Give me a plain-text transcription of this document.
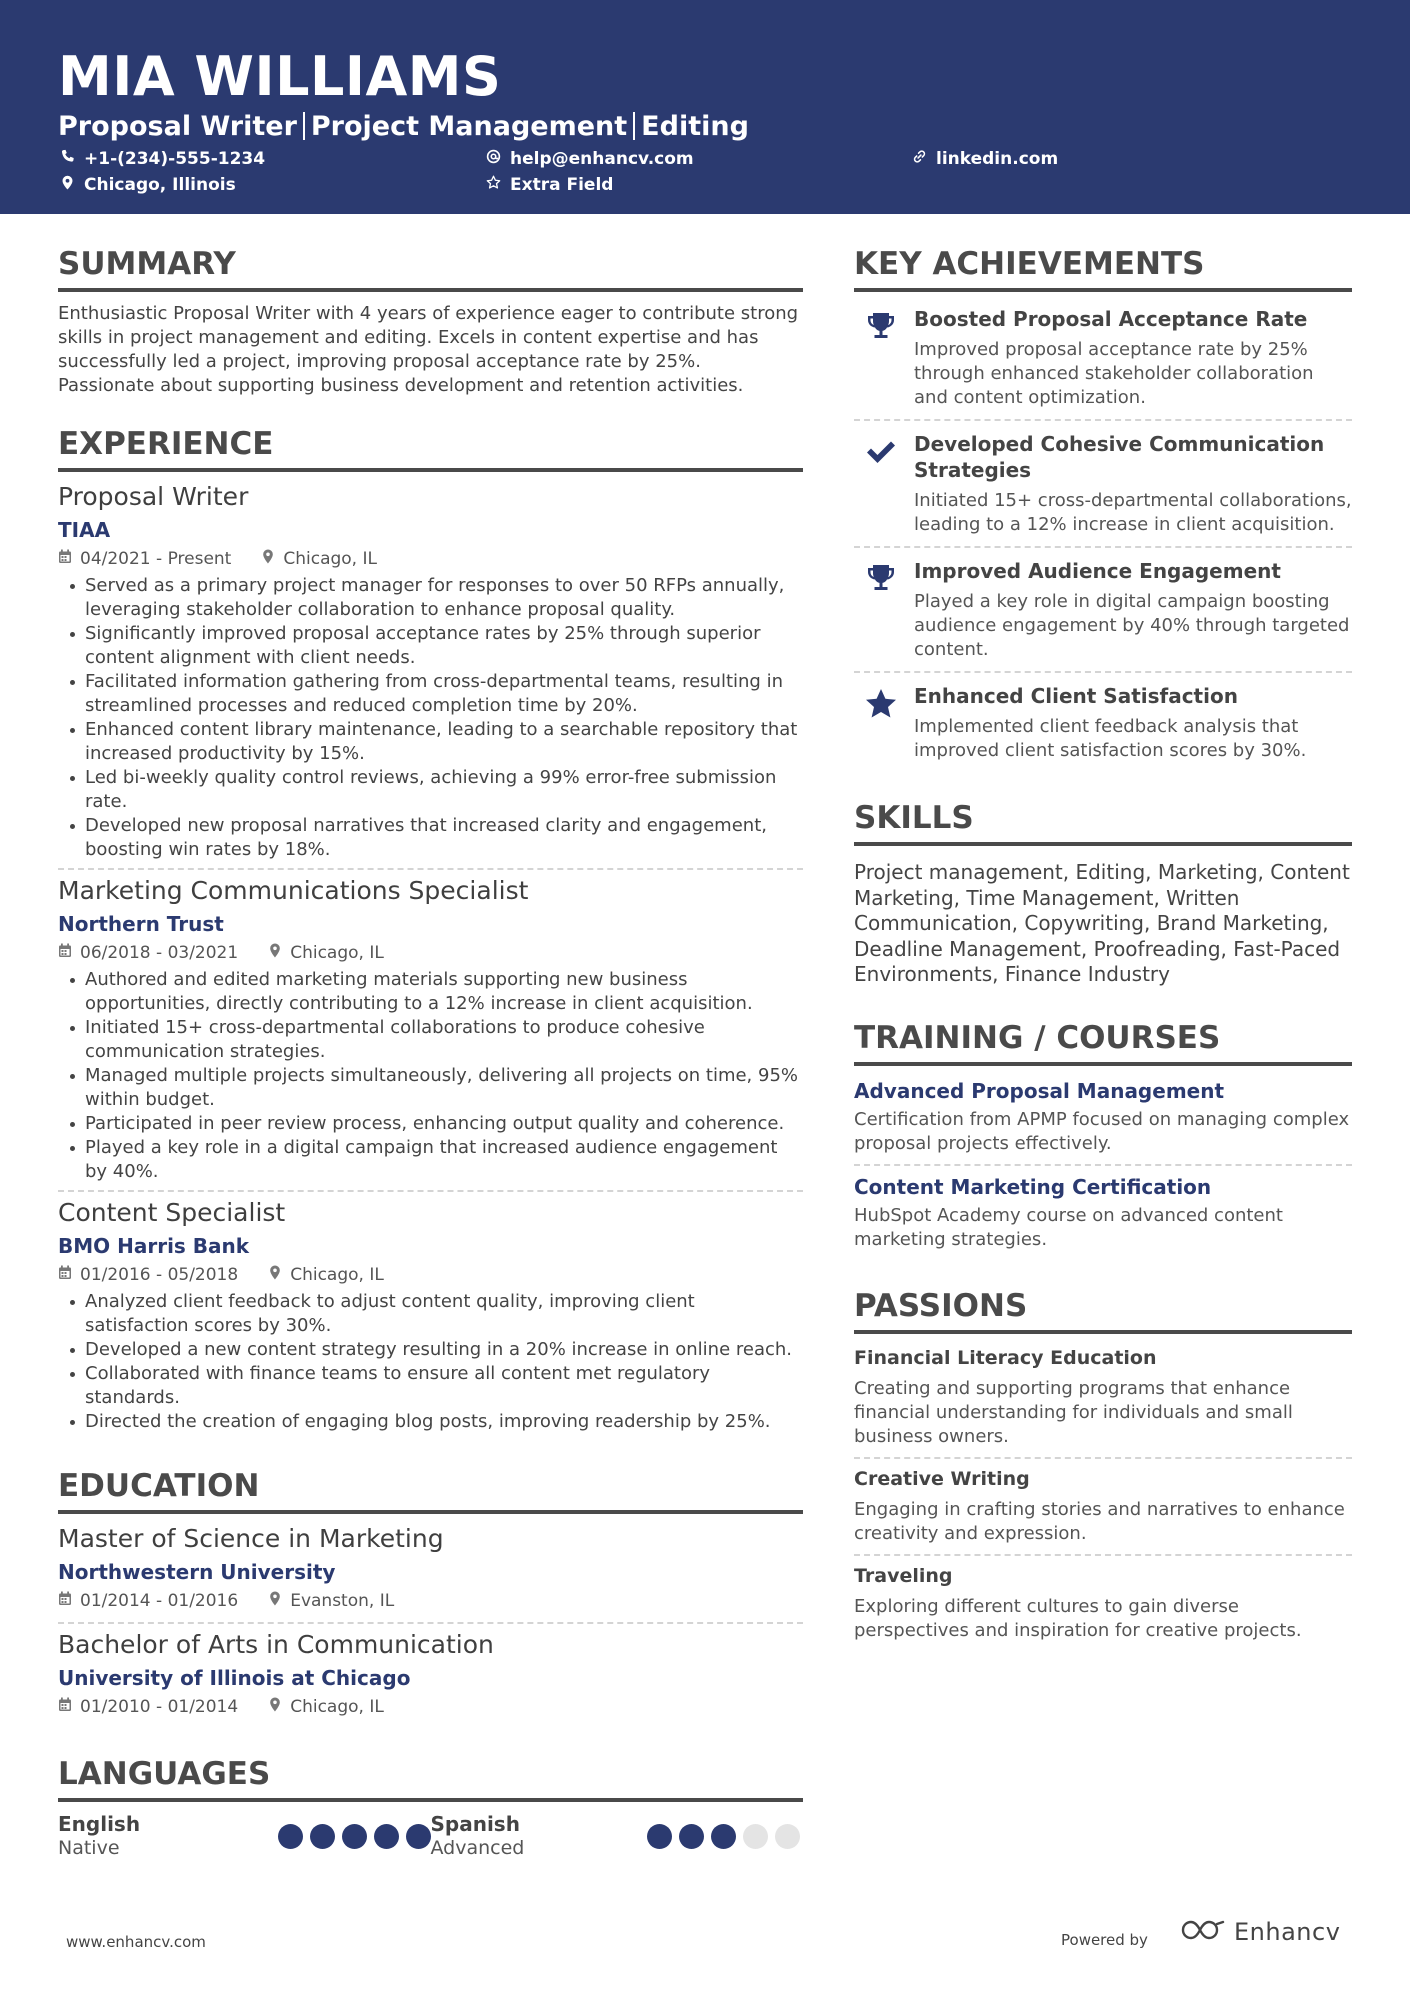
MIA WILLIAMS
Proposal Writer Project Management Editing
+1-(234)-555-1234	help@enhancv.com	linkedin.com
Chicago, Illinois	Extra Field
SUMMARY

Enthusiastic Proposal Writer with 4 years of experience eager to contribute strong skills in project management and editing. Excels in content expertise and has successfully led a project, improving proposal acceptance rate by 25%. Passionate about supporting business development and retention activities.

EXPERIENCE
Proposal Writer
TIAA
04/2021 - Present	Chicago, IL
Served as a primary project manager for responses to over 50 RFPs annually, leveraging stakeholder collaboration to enhance proposal quality.
Significantly improved proposal acceptance rates by 25% through superior content alignment with client needs.
Facilitated information gathering from cross-departmental teams, resulting in streamlined processes and reduced completion time by 20%.
Enhanced content library maintenance, leading to a searchable repository that increased productivity by 15%.
Led bi-weekly quality control reviews, achieving a 99% error-free submission rate.
Developed new proposal narratives that increased clarity and engagement, boosting win rates by 18%.
Marketing Communications Specialist
Northern Trust
06/2018 - 03/2021	Chicago, IL
Authored and edited marketing materials supporting new business opportunities, directly contributing to a 12% increase in client acquisition.
Initiated 15+ cross-departmental collaborations to produce cohesive communication strategies.
Managed multiple projects simultaneously, delivering all projects on time, 95% within budget.
Participated in peer review process, enhancing output quality and coherence.
Played a key role in a digital campaign that increased audience engagement by 40%.
Content Specialist
BMO Harris Bank
01/2016 - 05/2018	Chicago, IL
Analyzed client feedback to adjust content quality, improving client satisfaction scores by 30%.
Developed a new content strategy resulting in a 20% increase in online reach.
Collaborated with finance teams to ensure all content met regulatory standards.
Directed the creation of engaging blog posts, improving readership by 25%.
EDUCATION
Master of Science in Marketing
Northwestern University
01/2014 - 01/2016	Evanston, IL
Bachelor of Arts in Communication
University of Illinois at Chicago
01/2010 - 01/2014	Chicago, IL
LANGUAGES
English
Native
Spanish
Advanced
KEY ACHIEVEMENTS
Boosted Proposal Acceptance Rate
Improved proposal acceptance rate by 25% through enhanced stakeholder collaboration and content optimization.
Developed Cohesive Communication Strategies
Initiated 15+ cross-departmental collaborations, leading to a 12% increase in client acquisition.
Improved Audience Engagement
Played a key role in digital campaign boosting audience engagement by 40% through targeted content.
Enhanced Client Satisfaction
Implemented client feedback analysis that improved client satisfaction scores by 30%.
SKILLS

Project management, Editing, Marketing, Content Marketing, Time Management, Written Communication, Copywriting, Brand Marketing, Deadline Management, Proofreading, Fast-Paced Environments, Finance Industry

TRAINING / COURSES
Advanced Proposal Management
Certification from APMP focused on managing complex proposal projects effectively.
Content Marketing Certification
HubSpot Academy course on advanced content marketing strategies.
PASSIONS
Financial Literacy Education
Creating and supporting programs that enhance financial understanding for individuals and small business owners.
Creative Writing
Engaging in crafting stories and narratives to enhance creativity and expression.
Traveling
Exploring different cultures to gain diverse perspectives and inspiration for creative projects.
www.enhancv.com	Powered by	Enhancv
